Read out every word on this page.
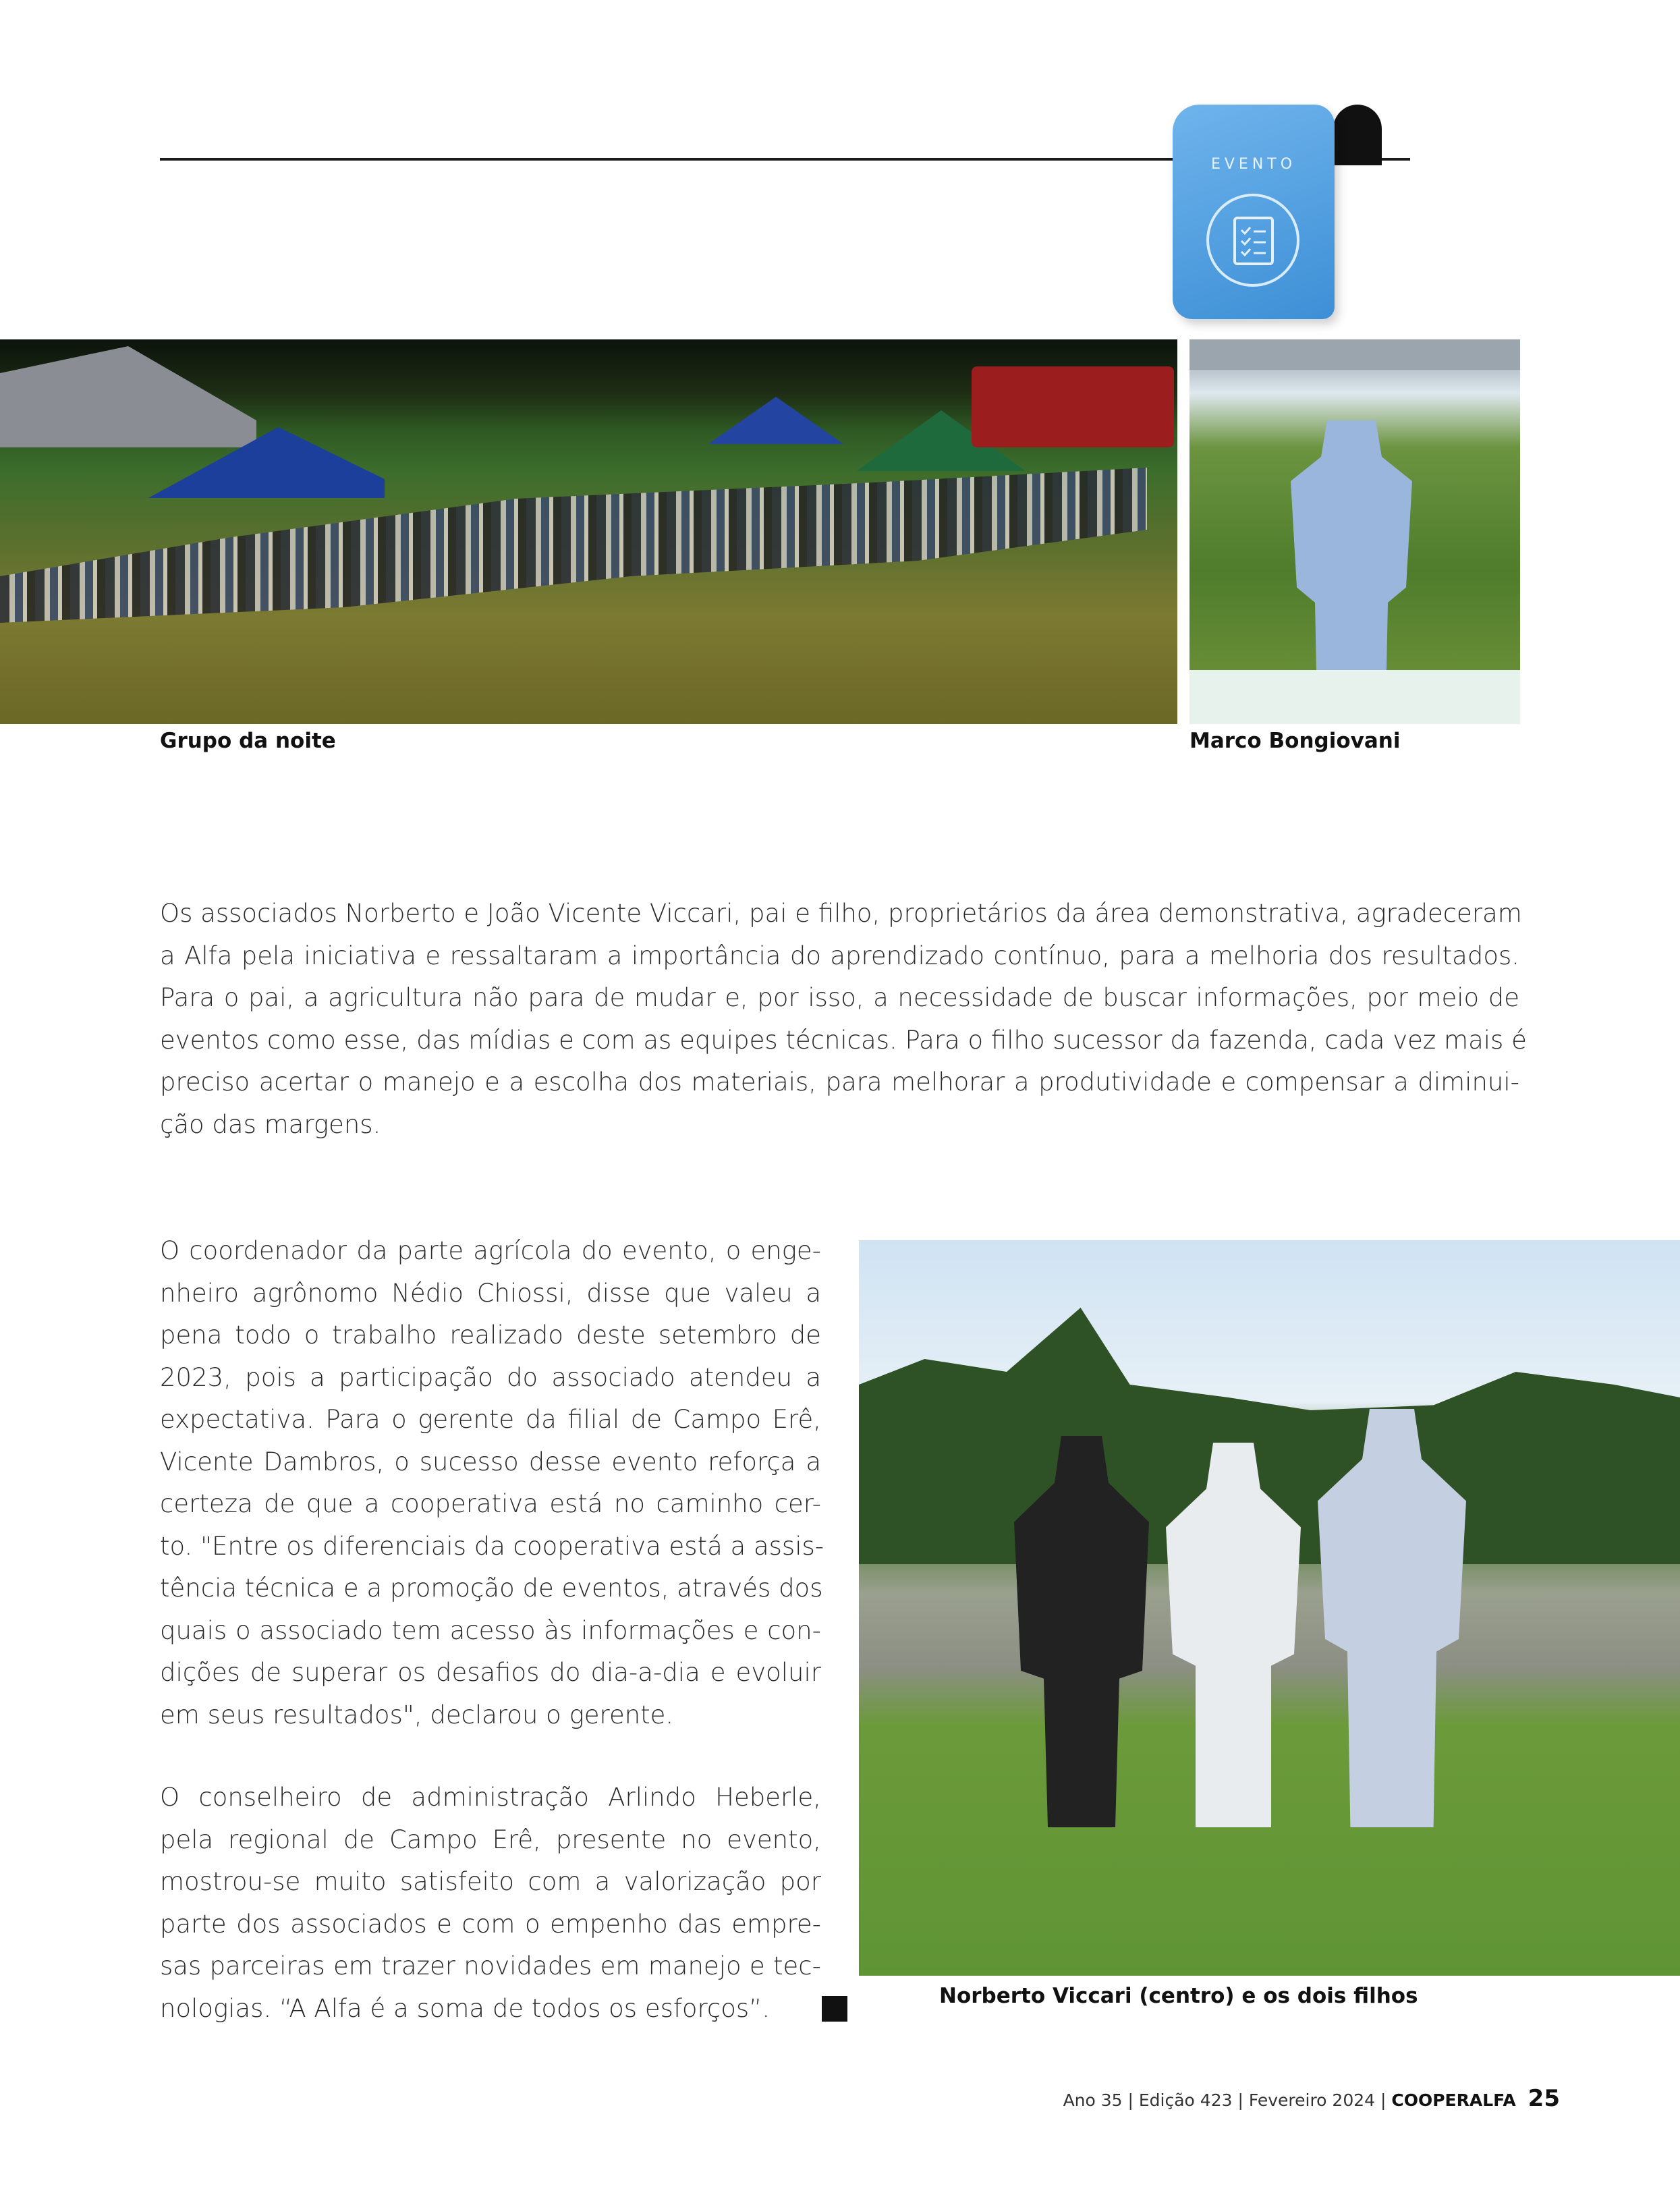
EVENTO
Grupo da noite	Marco Bongiovani
Os associados Norberto e João Vicente Viccari, pai e filho, proprietários da área demonstrativa, agradeceram
a Alfa pela iniciativa e ressaltaram a importância do aprendizado contínuo, para a melhoria dos resultados.
Para o pai, a agricultura não para de mudar e, por isso, a necessidade de buscar informações, por meio de
eventos como esse, das mídias e com as equipes técnicas. Para o filho sucessor da fazenda, cada vez mais é
preciso acertar o manejo e a escolha dos materiais, para melhorar a produtividade e compensar a diminui-
ção das margens.
O coordenador da parte agrícola do evento, o enge-
nheiro agrônomo Nédio Chiossi, disse que valeu a
pena todo o trabalho realizado deste setembro de
2023, pois a participação do associado atendeu a
expectativa. Para o gerente da filial de Campo Erê,
Vicente Dambros, o sucesso desse evento reforça a
certeza de que a cooperativa está no caminho cer-
to. "Entre os diferenciais da cooperativa está a assis-
tência técnica e a promoção de eventos, através dos
quais o associado tem acesso às informações e con-
dições de superar os desafios do dia-a-dia e evoluir
em seus resultados", declarou o gerente.
O conselheiro de administração Arlindo Heberle,
pela regional de Campo Erê, presente no evento,
mostrou-se muito satisfeito com a valorização por
parte dos associados e com o empenho das empre-
sas parceiras em trazer novidades em manejo e tec-
nologias. “A Alfa é a soma de todos os esforços”.	Norberto Viccari (centro) e os dois filhos
Ano 35 | Edição 423 | Fevereiro 2024 | COOPERALFA 25
